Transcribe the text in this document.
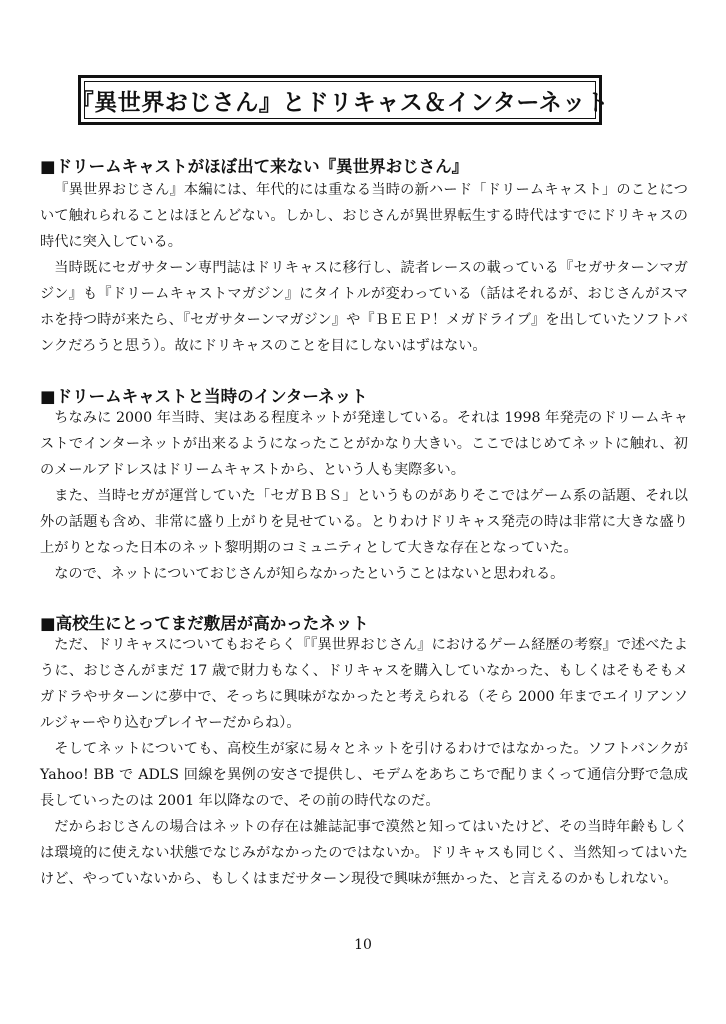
『異世界おじさん』とドリキャス＆インターネット
■ドリームキャストがほぼ出て来ない『異世界おじさん』

『異世界おじさん』本編には、年代的には重なる当時の新ハード「ドリームキャスト」のことについて触れられることはほとんどない。しかし、おじさんが異世界転生する時代はすでにドリキャスの時代に突入している。

当時既にセガサターン専門誌はドリキャスに移行し、読者レースの載っている『セガサターンマガジン』も『ドリームキャストマガジン』にタイトルが変わっている（話はそれるが、おじさんがスマホを持つ時が来たら、『セガサターンマガジン』や『ＢＥＥＰ！メガドライブ』を出していたソフトバンクだろうと思う）。故にドリキャスのことを目にしないはずはない。

■ドリームキャストと当時のインターネット

ちなみに 2000 年当時、実はある程度ネットが発達している。それは 1998 年発売のドリームキャストでインターネットが出来るようになったことがかなり大きい。ここではじめてネットに触れ、初のメールアドレスはドリームキャストから、という人も実際多い。

また、当時セガが運営していた「セガＢＢＳ」というものがありそこではゲーム系の話題、それ以外の話題も含め、非常に盛り上がりを見せている。とりわけドリキャス発売の時は非常に大きな盛り上がりとなった日本のネット黎明期のコミュニティとして大きな存在となっていた。

なので、ネットについておじさんが知らなかったということはないと思われる。

■高校生にとってまだ敷居が高かったネット

ただ、ドリキャスについてもおそらく『『異世界おじさん』におけるゲーム経歴の考察』で述べたように、おじさんがまだ 17 歳で財力もなく、ドリキャスを購入していなかった、もしくはそもそもメガドラやサターンに夢中で、そっちに興味がなかったと考えられる（そら 2000 年までエイリアンソルジャーやり込むプレイヤーだからね）。

そしてネットについても、高校生が家に易々とネットを引けるわけではなかった。ソフトバンクが Yahoo! BB で ADLS 回線を異例の安さで提供し、モデムをあちこちで配りまくって通信分野で急成長していったのは 2001 年以降なので、その前の時代なのだ。

だからおじさんの場合はネットの存在は雑誌記事で漠然と知ってはいたけど、その当時年齢もしくは環境的に使えない状態でなじみがなかったのではないか。ドリキャスも同じく、当然知ってはいたけど、やっていないから、もしくはまだサターン現役で興味が無かった、と言えるのかもしれない。

10
